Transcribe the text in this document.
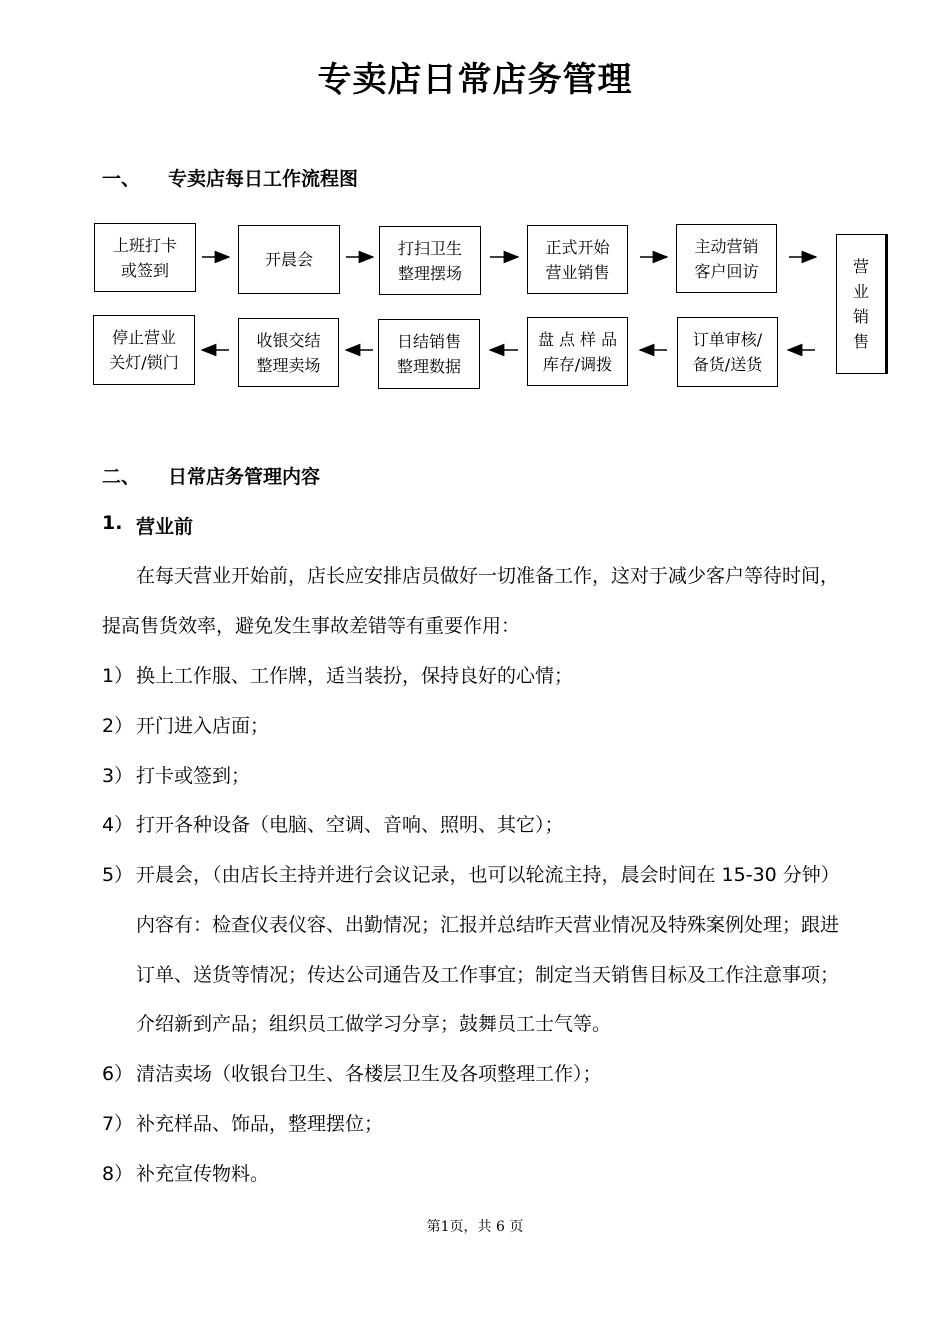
专卖店日常店务管理
一、 专卖店每日工作流程图
上班打卡
或签到
开晨会
打扫卫生
整理摆场
正式开始
营业销售
主动营销
客户回访	营
业
销
售
停止营业
关灯/锁门
收银交结
整理卖场
日结销售
整理数据
盘 点 样 品
库存/调拨
订单审核/
备货/送货
二、 日常店务管理内容
1. 营业前
在每天营业开始前，店长应安排店员做好一切准备工作，这对于减少客户等待时间，
提高售货效率，避免发生事故差错等有重要作用：
1） 换上工作服、工作牌，适当装扮，保持良好的心情；
2） 开门进入店面；
3） 打卡或签到；
4） 打开各种设备（电脑、空调、音响、照明、其它）；
5） 开晨会，（由店长主持并进行会议记录，也可以轮流主持，晨会时间在 15-30 分钟）
内容有：检查仪表仪容、出勤情况；汇报并总结昨天营业情况及特殊案例处理；跟进
订单、送货等情况；传达公司通告及工作事宜；制定当天销售目标及工作注意事项；
介绍新到产品；组织员工做学习分享；鼓舞员工士气等。
6） 清洁卖场（收银台卫生、各楼层卫生及各项整理工作）；
7） 补充样品、饰品，整理摆位；
8） 补充宣传物料。
第1页，共 6 页
